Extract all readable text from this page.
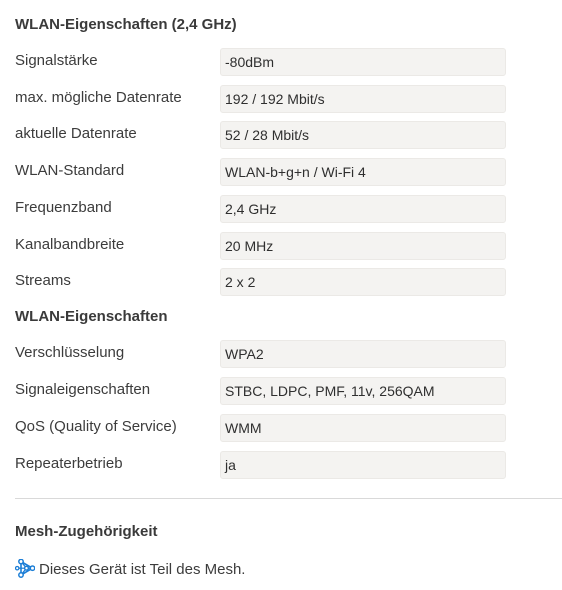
WLAN-Eigenschaften (2,4 GHz)
Signalstärke	-80dBm
max. mögliche Datenrate	192 / 192 Mbit/s
aktuelle Datenrate	52 / 28 Mbit/s
WLAN-Standard	WLAN-b+g+n / Wi-Fi 4
Frequenzband	2,4 GHz
Kanalbandbreite	20 MHz
Streams	2 x 2
WLAN-Eigenschaften
Verschlüsselung	WPA2
Signaleigenschaften	STBC, LDPC, PMF, 11v, 256QAM
QoS (Quality of Service)	WMM
Repeaterbetrieb	ja
Mesh-Zugehörigkeit
Dieses Gerät ist Teil des Mesh.
